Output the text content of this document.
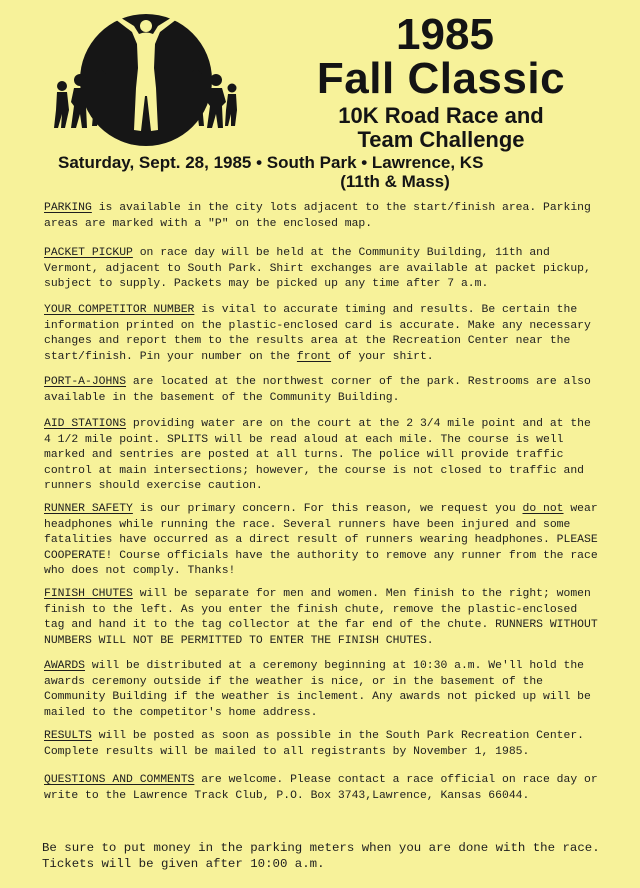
1985
Fall Classic
10K Road Race and
Team Challenge
Saturday, Sept. 28, 1985 • South Park • Lawrence, KS
(11th & Mass)

PARKING is available in the city lots adjacent to the start/finish area. Parking areas are marked with a "P" on the enclosed map.

PACKET PICKUP on race day will be held at the Community Building, 11th and Vermont, adjacent to South Park. Shirt exchanges are available at packet pickup, subject to supply. Packets may be picked up any time after 7 a.m.

YOUR COMPETITOR NUMBER is vital to accurate timing and results. Be certain the information printed on the plastic-enclosed card is accurate. Make any necessary changes and report them to the results area at the Recreation Center near the start/finish. Pin your number on the front of your shirt.

PORT-A-JOHNS are located at the northwest corner of the park. Restrooms are also available in the basement of the Community Building.

AID STATIONS providing water are on the court at the 2 3/4 mile point and at the 4 1/2 mile point. SPLITS will be read aloud at each mile. The course is well marked and sentries are posted at all turns. The police will provide traffic control at main intersections; however, the course is not closed to traffic and runners should exercise caution.

RUNNER SAFETY is our primary concern. For this reason, we request you do not wear headphones while running the race. Several runners have been injured and some fatalities have occurred as a direct result of runners wearing headphones. PLEASE COOPERATE! Course officials have the authority to remove any runner from the race who does not comply. Thanks!

FINISH CHUTES will be separate for men and women. Men finish to the right; women finish to the left. As you enter the finish chute, remove the plastic-enclosed tag and hand it to the tag collector at the far end of the chute. RUNNERS WITHOUT NUMBERS WILL NOT BE PERMITTED TO ENTER THE FINISH CHUTES.

AWARDS will be distributed at a ceremony beginning at 10:30 a.m. We'll hold the awards ceremony outside if the weather is nice, or in the basement of the Community Building if the weather is inclement. Any awards not picked up will be mailed to the competitor's home address.

RESULTS will be posted as soon as possible in the South Park Recreation Center. Complete results will be mailed to all registrants by November 1, 1985.

QUESTIONS AND COMMENTS are welcome. Please contact a race official on race day or write to the Lawrence Track Club, P.O. Box 3743,Lawrence, Kansas 66044.

Be sure to put money in the parking meters when you are done with the race. Tickets will be given after 10:00 a.m.
